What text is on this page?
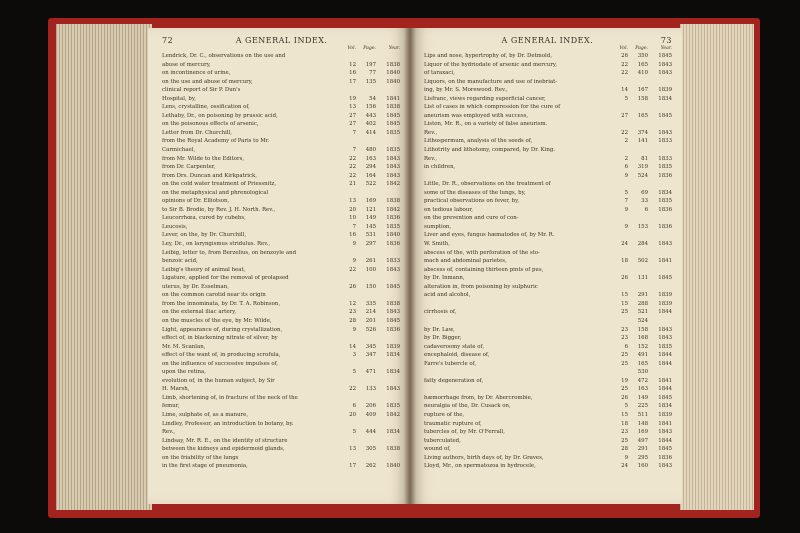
72	A GENERAL INDEX.
Vol.	Page.	Year.
Lendrick, Dr. C., observations on the use and
abuse of mercury,	12	197	1838
on incontinence of urine,	16	77	1840
on the use and abuse of mercury,	17	135	1840
clinical report of Sir P. Dun's
Hospital, by,	19	54	1841
Lens, crystalline, ossification of,	13	156	1838
Lethaby, Dr., on poisoning by prussic acid,	27	443	1845
on the poisonous effects of arsenic,	27	402	1845
Letter from Dr. Churchill,	7	414	1835
from the Royal Academy of Paris to Mr.
Carmichael,	7	480	1835
from Mr. Wilde to the Editors,	22	163	1843
from Dr. Carpenter,	22	294	1843
from Drs. Duncan and Kirkpatrick,	22	164	1843
on the cold water treatment of Priessnitz,	21	522	1842
on the metaphysical and phrenological
opinions of Dr. Elliotson,	13	169	1838
to Sir B. Brodie, by Rev. J. H. North. Rev.,	20	121	1842
Leucorrhœa, cured by cubebs,	10	149	1836
Leucosis,	7	145	1835
Lever, on the, by Dr. Churchill,	16	531	1840
Ley, Dr., on laryngismus stridulus. Rev.,	9	297	1836
Leibig, letter to, from Berzelius, on benzoyle and
benzoic acid,	9	261	1833
Leibig's theory of animal heat,	22	100	1843
Ligature, applied for the removal of prolapsed
uterus, by Dr. Esselman,	26	150	1845
on the common carotid near its origin
from the innominata, by Dr. T. A. Robinson,	12	335	1838
on the external iliac artery,	23	214	1843
on the muscles of the eye, by Mr. Wilde,	28	201	1845
Light, appearance of, during crystallization,	9	526	1836
effect of, in blackening nitrate of silver, by
Mr. M. Scanlan,	14	345	1839
effect of the want of, in producing scrofula,	3	347	1834
on the influence of successive impulses of,
upon the retina,	5	471	1834
evolution of, in the human subject, by Sir
H. Marsh,	22	133	1843
Limb, shortening of, in fracture of the neck of the
femur,	6	206	1835
Lime, sulphate of, as a manure,	20	409	1842
Lindley, Professor, an introduction to botany, by.
Rev.,	5	444	1834
Lindsay, Mr. R. E., on the identity of structure
between the kidneys and epidermoid glands,	13	305	1838
on the friability of the lungs
in the first stage of pneumonia,	17	262	1840
A GENERAL INDEX.	73
Vol.	Page.	Year.
Lips and nose, hypertrophy of, by Dr. Detmold,	26	350	1845
Liquor of the hydriodate of arsenic and mercury,	22	165	1843
of taraxaci,	22	410	1843
Liquors, on the manufacture and use of inebriat-
ing, by Mr. S. Morewood. Rev.,	14	167	1839
Lisfranc, views regarding superficial cancer,	5	158	1834
List of cases in which compression for the cure of
aneurism was employed with success,	27	165	1845
Liston, Mr. R., on a variety of false aneurism.
Rev.,	22	374	1843
Lithospermum, analysis of the seeds of,	2	141	1833
Lithotrity and lithotomy, compared, by Dr. King.
Rev.,	2	81	1833
in children,	6	319	1835
9	524	1836
Little, Dr. R., observations on the treatment of
some of the diseases of the lungs, by,	5	69	1834
practical observations on fever, by,	7	33	1835
on tedious labour,	9	6	1836
on the prevention and cure of con-
sumption,	9	153	1836
Liver and eyes, fungus hæmatodes of, by Mr. R.
W. Smith,	24	284	1843
abscess of the, with perforation of the sto-
mach and abdominal parietes,	18	502	1841
abscess of, containing thirteen pints of pus,
by Dr. Inmann,	26	131	1845
alteration in, from poisoning by sulphuric
acid and alcohol,	15	291	1839
15	288	1839
cirrhosis of,	25	521	1844
524
by Dr. Law,	23	158	1843
by Dr. Bigger,	23	168	1843
cadaveroomy state of,	6	152	1835
encephaloid, disease of,	25	491	1844
Farre's tubercle of,	25	165	1844
530
fatty degeneration of,	19	472	1841
25	163	1844
hæmorrhage from, by Dr. Abercrombie,	26	149	1845
neuralgia of the, Dr. Cusack on,	5	225	1834
rupture of the,	15	511	1839
traumatic rupture of,	18	148	1841
tubercles of, by Mr. O'Ferrall,	23	169	1843
tuberculated,	25	497	1844
wound of,	28	291	1845
Living authors, birth days of, by Dr. Graves,	9	295	1836
Lloyd, Mr., on spermatozoa in hydrocele,	24	160	1843
